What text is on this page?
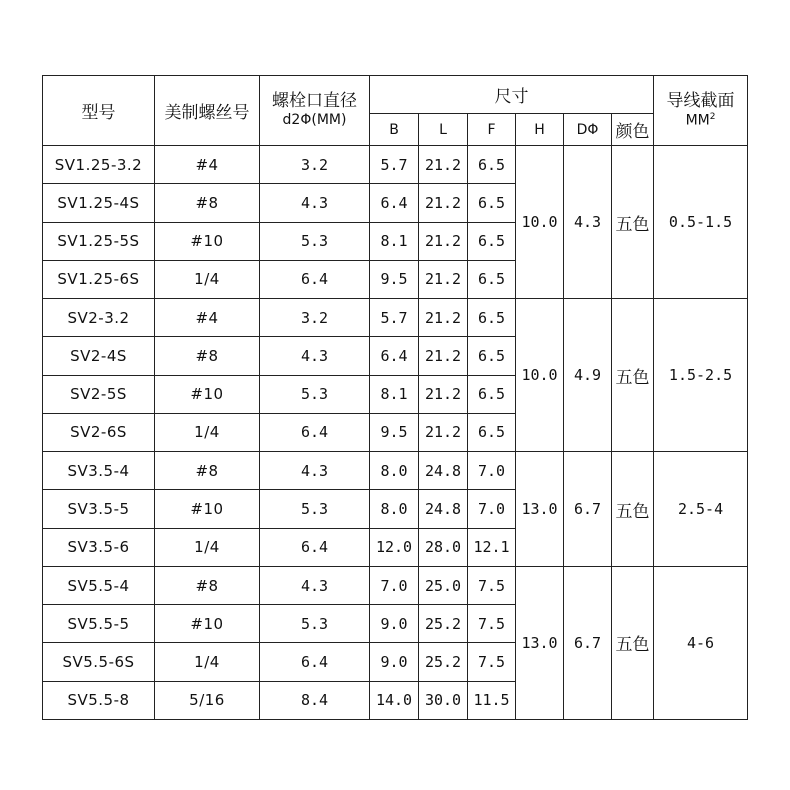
型号	美制螺丝号	螺栓口直径
d2Φ(MM)	尺寸						导线截面
$MM^2$

			B	L	F	H	DΦ	颜色	
SV1.25-3.2	#4	3.2	5.7	21.2	6.5	10.0	4.3	五色	0.5-1.5
SV1.25-4S	#8	4.3	6.4	21.2	6.5				
SV1.25-5S	#10	5.3	8.1	21.2	6.5				
SV1.25-6S	1/4	6.4	9.5	21.2	6.5				
SV2-3.2	#4	3.2	5.7	21.2	6.5	10.0	4.9	五色	1.5-2.5
SV2-4S	#8	4.3	6.4	21.2	6.5				
SV2-5S	#10	5.3	8.1	21.2	6.5				
SV2-6S	1/4	6.4	9.5	21.2	6.5				
SV3.5-4	#8	4.3	8.0	24.8	7.0	13.0	6.7	五色	2.5-4
SV3.5-5	#10	5.3	8.0	24.8	7.0				
SV3.5-6	1/4	6.4	12.0	28.0	12.1				
SV5.5-4	#8	4.3	7.0	25.0	7.5	13.0	6.7	五色	4-6
SV5.5-5	#10	5.3	9.0	25.2	7.5				
SV5.5-6S	1/4	6.4	9.0	25.2	7.5				
SV5.5-8	5/16	8.4	14.0	30.0	11.5				
